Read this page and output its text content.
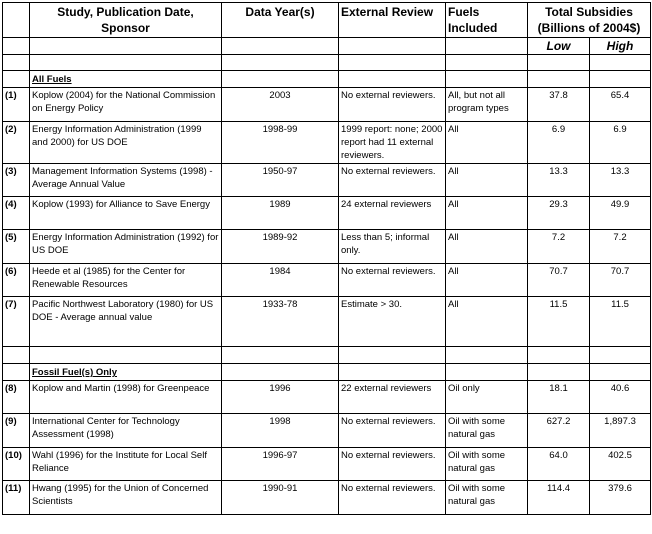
	Study, Publication Date, Sponsor	Data Year(s)	External Review	Fuels Included	Total Subsidies (Billions of 2004$)	
					Low	High

	All Fuels					
(1)	Koplow (2004) for the National Commission on Energy Policy	2003	No external reviewers.	All, but not all program types	37.8	65.4
(2)	Energy Information Administration (1999 and 2000) for US DOE	1998-99	1999 report: none; 2000 report had 11 external reviewers.	All	6.9	6.9
(3)	Management Information Systems (1998) - Average Annual Value	1950-97	No external reviewers.	All	13.3	13.3
(4)	Koplow (1993) for Alliance to Save Energy	1989	24 external reviewers	All	29.3	49.9
(5)	Energy Information Administration (1992) for US DOE	1989-92	Less than 5; informal only.	All	7.2	7.2
(6)	Heede et al (1985) for the Center for Renewable Resources	1984	No external reviewers.	All	70.7	70.7
(7)	Pacific Northwest Laboratory (1980) for US DOE - Average annual value	1933-78	Estimate > 30.	All	11.5	11.5

	Fossil Fuel(s) Only					
(8)	Koplow and Martin (1998) for Greenpeace	1996	22 external reviewers	Oil only	18.1	40.6
(9)	International Center for Technology Assessment (1998)	1998	No external reviewers.	Oil with some natural gas	627.2	1,897.3
(10)	Wahl (1996) for the Institute for Local Self Reliance	1996-97	No external reviewers.	Oil with some natural gas	64.0	402.5
(11)	Hwang (1995) for the Union of Concerned Scientists	1990-91	No external reviewers.	Oil with some natural gas	114.4	379.6
